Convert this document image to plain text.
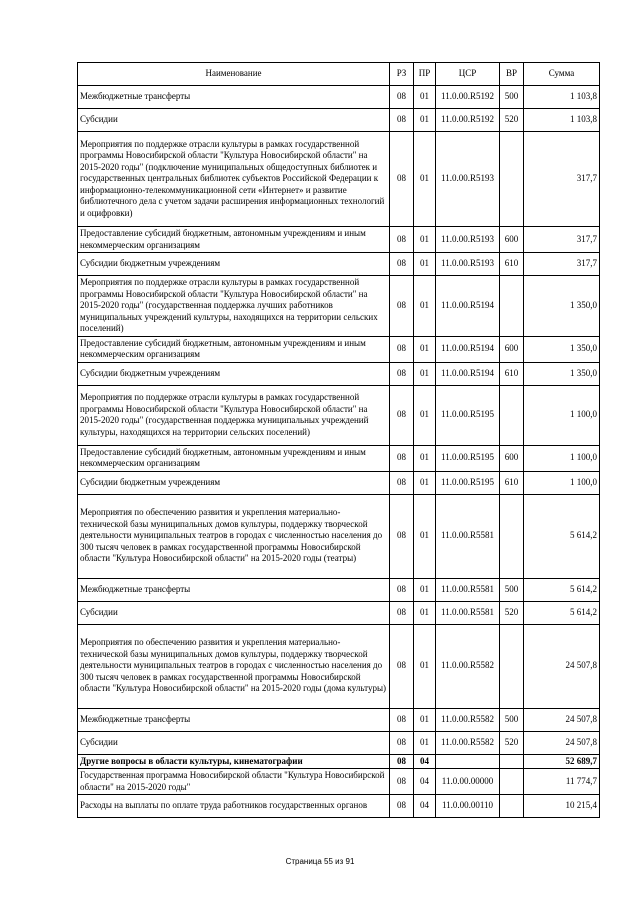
Наименование	РЗ	ПР	ЦСР	ВР	Сумма
Межбюджетные трансферты	08	01	11.0.00.R5192	500	1 103,8
Субсидии	08	01	11.0.00.R5192	520	1 103,8
Мероприятия по поддержке отрасли культуры в рамках государственной программы Новосибирской области "Культура Новосибирской области" на 2015-2020 годы" (подключение муниципальных общедоступных библиотек и государственных центральных библиотек субъектов Российской Федерации к информационно-телекоммуникационной сети «Интернет» и развитие библиотечного дела с учетом задачи расширения информационных технологий и оцифровки)	08	01	11.0.00.R5193		317,7
Предоставление субсидий бюджетным, автономным учреждениям и иным некоммерческим организациям	08	01	11.0.00.R5193	600	317,7
Субсидии бюджетным учреждениям	08	01	11.0.00.R5193	610	317,7
Мероприятия по поддержке отрасли культуры в рамках государственной программы Новосибирской области "Культура Новосибирской области" на 2015-2020 годы" (государственная поддержка лучших работников муниципальных учреждений культуры, находящихся на территории сельских поселений)	08	01	11.0.00.R5194		1 350,0
Предоставление субсидий бюджетным, автономным учреждениям и иным некоммерческим организациям	08	01	11.0.00.R5194	600	1 350,0
Субсидии бюджетным учреждениям	08	01	11.0.00.R5194	610	1 350,0
Мероприятия по поддержке отрасли культуры в рамках государственной программы Новосибирской области "Культура Новосибирской области" на 2015-2020 годы" (государственная поддержка муниципальных учреждений культуры, находящихся на территории сельских поселений)	08	01	11.0.00.R5195		1 100,0
Предоставление субсидий бюджетным, автономным учреждениям и иным некоммерческим организациям	08	01	11.0.00.R5195	600	1 100,0
Субсидии бюджетным учреждениям	08	01	11.0.00.R5195	610	1 100,0
Мероприятия по обеспечению развития и укрепления материально-технической базы муниципальных домов культуры, поддержку творческой деятельности муниципальных театров в городах с численностью населения до 300 тысяч человек в рамках государственной программы Новосибирской области "Культура Новосибирской области" на 2015-2020 годы (театры)	08	01	11.0.00.R5581		5 614,2
Межбюджетные трансферты	08	01	11.0.00.R5581	500	5 614,2
Субсидии	08	01	11.0.00.R5581	520	5 614,2
Мероприятия по обеспечению развития и укрепления материально-технической базы муниципальных домов культуры, поддержку творческой деятельности муниципальных театров в городах с численностью населения до 300 тысяч человек в рамках государственной программы Новосибирской области "Культура Новосибирской области" на 2015-2020 годы (дома культуры)	08	01	11.0.00.R5582		24 507,8
Межбюджетные трансферты	08	01	11.0.00.R5582	500	24 507,8
Субсидии	08	01	11.0.00.R5582	520	24 507,8
Другие вопросы в области культуры, кинематографии	08	04			52 689,7
Государственная программа Новосибирской области "Культура Новосибирской области" на 2015-2020 годы"	08	04	11.0.00.00000		11 774,7
Расходы на выплаты по оплате труда работников государственных органов	08	04	11.0.00.00110		10 215,4
Страница 55 из 91
